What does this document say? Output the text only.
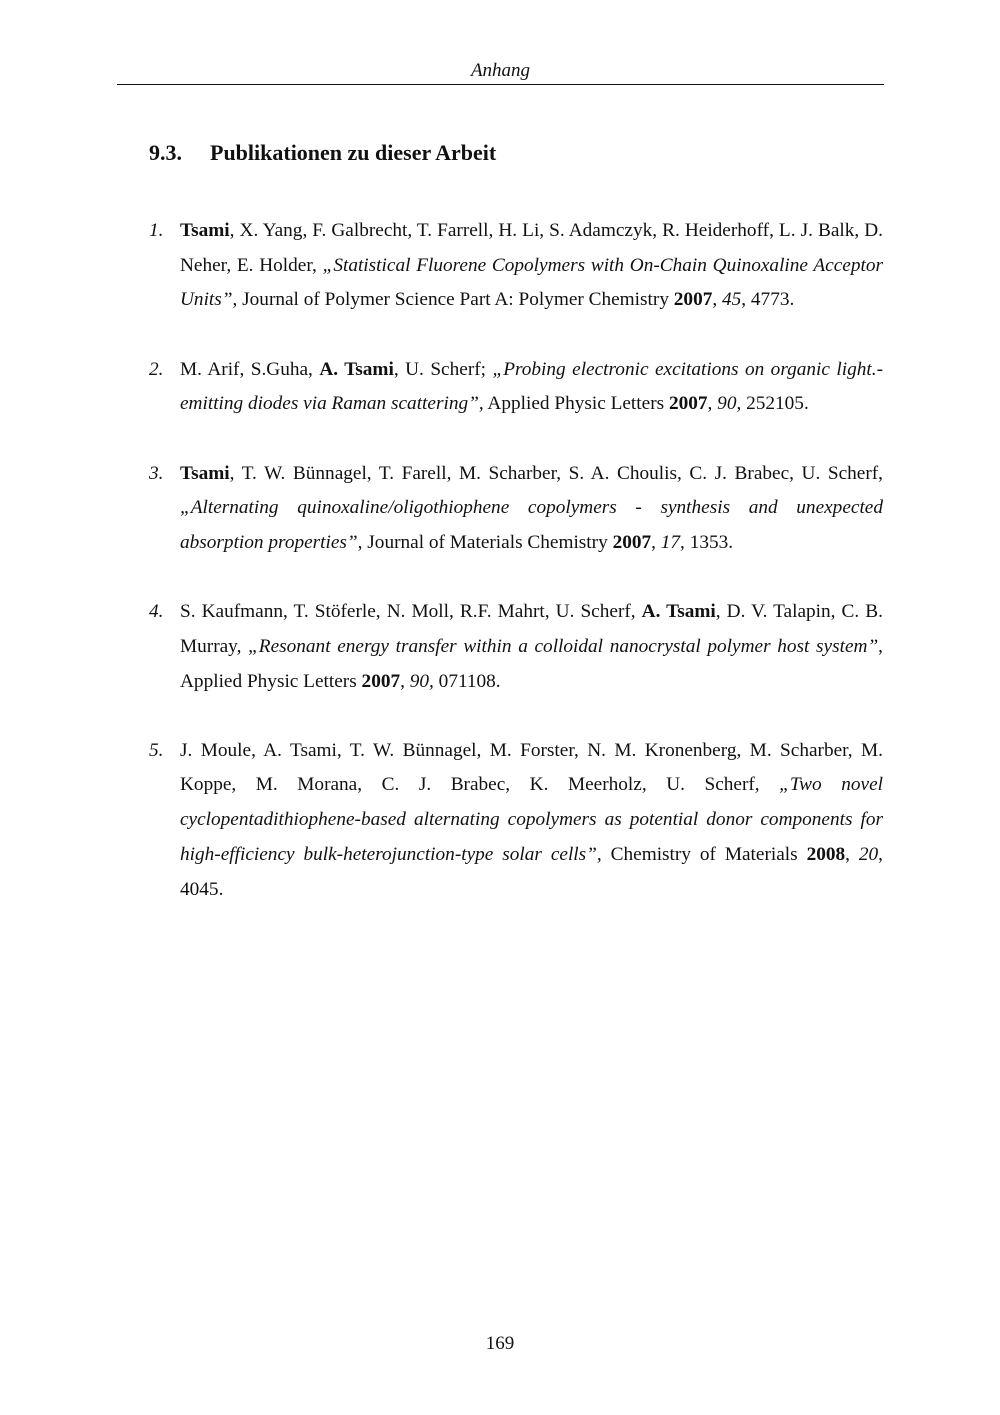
Anhang
9.3. Publikationen zu dieser Arbeit
1. Tsami, X. Yang, F. Galbrecht, T. Farrell, H. Li, S. Adamczyk, R. Heiderhoff, L. J. Balk, D. Neher, E. Holder, „Statistical Fluorene Copolymers with On-Chain Quinoxaline Acceptor Units”, Journal of Polymer Science Part A: Polymer Chemistry 2007, 45, 4773.
2. M. Arif, S.Guha, A. Tsami, U. Scherf; „Probing electronic excitations on organic light.-emitting diodes via Raman scattering”, Applied Physic Letters 2007, 90, 252105.
3. Tsami, T. W. Bünnagel, T. Farell, M. Scharber, S. A. Choulis, C. J. Brabec, U. Scherf, „Alternating quinoxaline/oligothiophene copolymers - synthesis and unexpected absorption properties”, Journal of Materials Chemistry 2007, 17, 1353.
4. S. Kaufmann, T. Stöferle, N. Moll, R.F. Mahrt, U. Scherf, A. Tsami, D. V. Talapin, C. B. Murray, „Resonant energy transfer within a colloidal nanocrystal polymer host system”, Applied Physic Letters 2007, 90, 071108.
5. J. Moule, A. Tsami, T. W. Bünnagel, M. Forster, N. M. Kronenberg, M. Scharber, M. Koppe, M. Morana, C. J. Brabec, K. Meerholz, U. Scherf, „Two novel cyclopentadithiophene-based alternating copolymers as potential donor components for high-efficiency bulk-heterojunction-type solar cells”, Chemistry of Materials 2008, 20, 4045.
169
